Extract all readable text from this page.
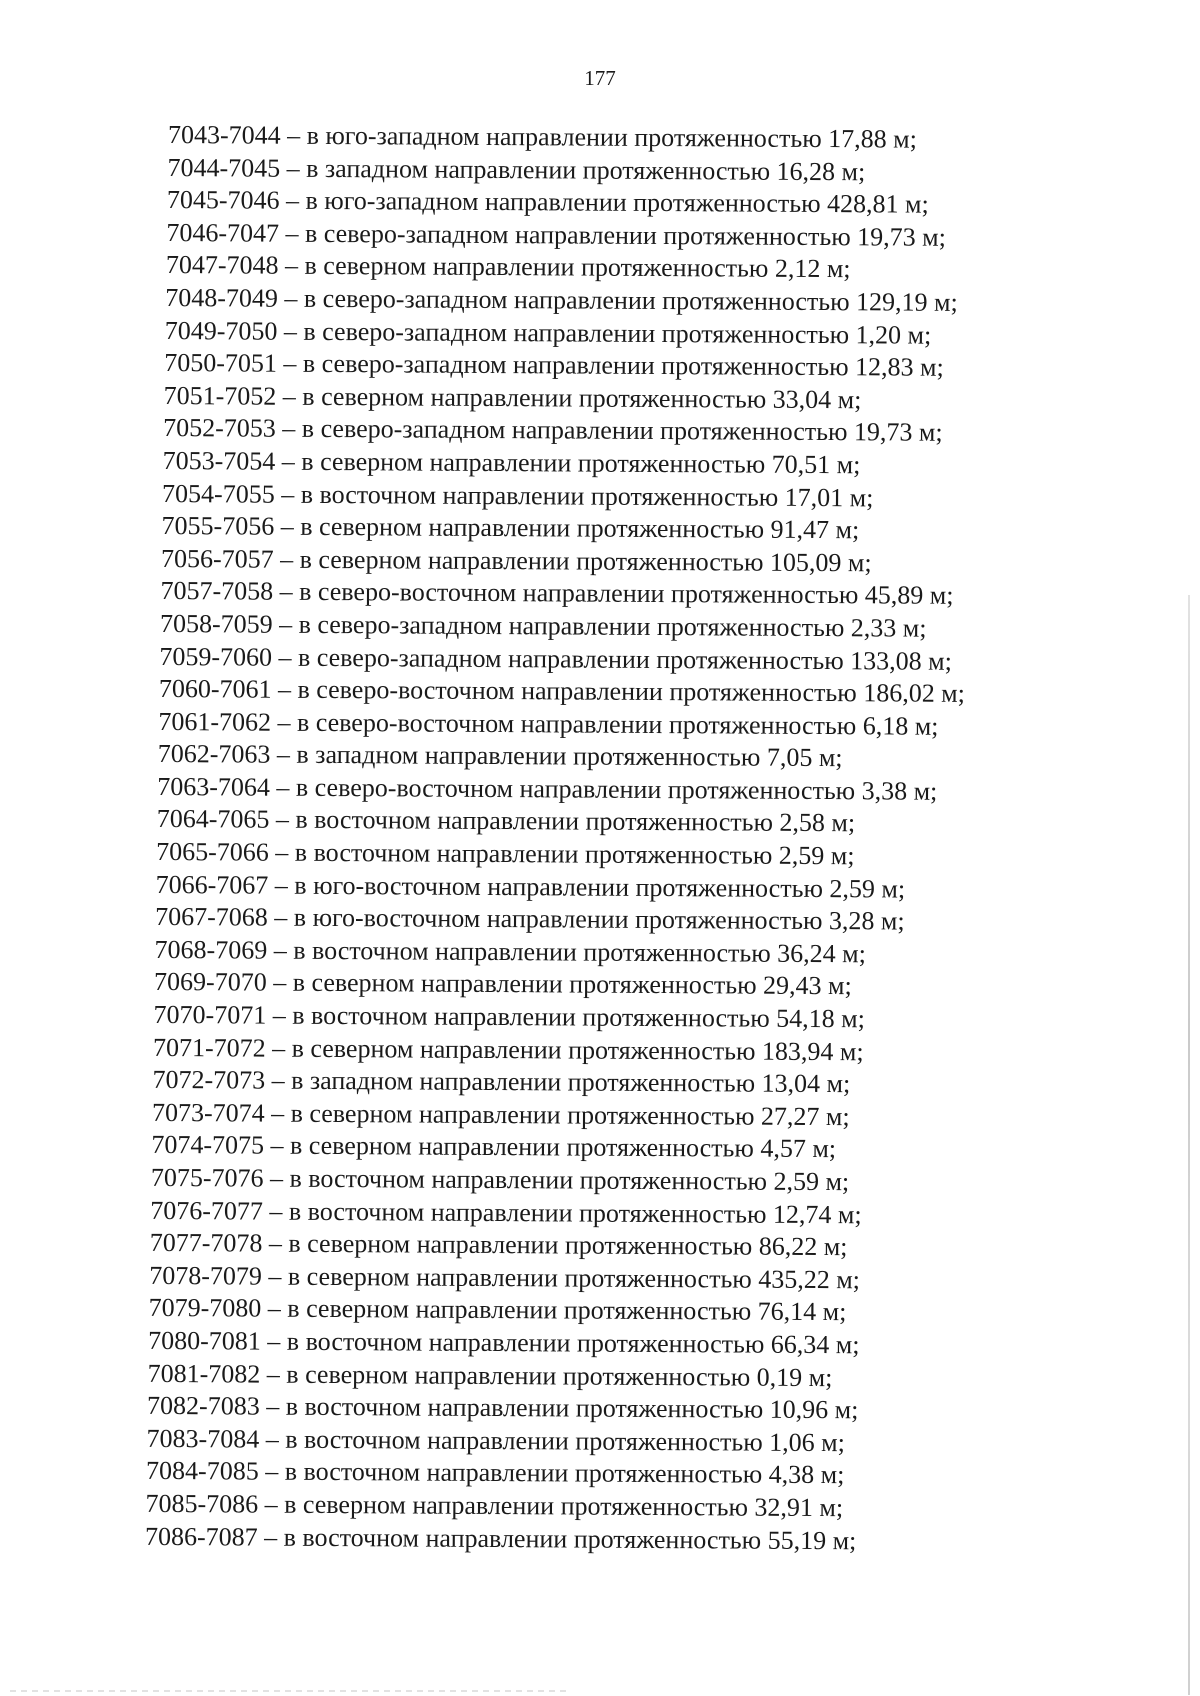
177
7043-7044 – в юго-западном направлении протяженностью 17,88 м;
7044-7045 – в западном направлении протяженностью 16,28 м;
7045-7046 – в юго-западном направлении протяженностью 428,81 м;
7046-7047 – в северо-западном направлении протяженностью 19,73 м;
7047-7048 – в северном направлении протяженностью 2,12 м;
7048-7049 – в северо-западном направлении протяженностью 129,19 м;
7049-7050 – в северо-западном направлении протяженностью 1,20 м;
7050-7051 – в северо-западном направлении протяженностью 12,83 м;
7051-7052 – в северном направлении протяженностью 33,04 м;
7052-7053 – в северо-западном направлении протяженностью 19,73 м;
7053-7054 – в северном направлении протяженностью 70,51 м;
7054-7055 – в восточном направлении протяженностью 17,01 м;
7055-7056 – в северном направлении протяженностью 91,47 м;
7056-7057 – в северном направлении протяженностью 105,09 м;
7057-7058 – в северо-восточном направлении протяженностью 45,89 м;
7058-7059 – в северо-западном направлении протяженностью 2,33 м;
7059-7060 – в северо-западном направлении протяженностью 133,08 м;
7060-7061 – в северо-восточном направлении протяженностью 186,02 м;
7061-7062 – в северо-восточном направлении протяженностью 6,18 м;
7062-7063 – в западном направлении протяженностью 7,05 м;
7063-7064 – в северо-восточном направлении протяженностью 3,38 м;
7064-7065 – в восточном направлении протяженностью 2,58 м;
7065-7066 – в восточном направлении протяженностью 2,59 м;
7066-7067 – в юго-восточном направлении протяженностью 2,59 м;
7067-7068 – в юго-восточном направлении протяженностью 3,28 м;
7068-7069 – в восточном направлении протяженностью 36,24 м;
7069-7070 – в северном направлении протяженностью 29,43 м;
7070-7071 – в восточном направлении протяженностью 54,18 м;
7071-7072 – в северном направлении протяженностью 183,94 м;
7072-7073 – в западном направлении протяженностью 13,04 м;
7073-7074 – в северном направлении протяженностью 27,27 м;
7074-7075 – в северном направлении протяженностью 4,57 м;
7075-7076 – в восточном направлении протяженностью 2,59 м;
7076-7077 – в восточном направлении протяженностью 12,74 м;
7077-7078 – в северном направлении протяженностью 86,22 м;
7078-7079 – в северном направлении протяженностью 435,22 м;
7079-7080 – в северном направлении протяженностью 76,14 м;
7080-7081 – в восточном направлении протяженностью 66,34 м;
7081-7082 – в северном направлении протяженностью 0,19 м;
7082-7083 – в восточном направлении протяженностью 10,96 м;
7083-7084 – в восточном направлении протяженностью 1,06 м;
7084-7085 – в восточном направлении протяженностью 4,38 м;
7085-7086 – в северном направлении протяженностью 32,91 м;
7086-7087 – в восточном направлении протяженностью 55,19 м;
